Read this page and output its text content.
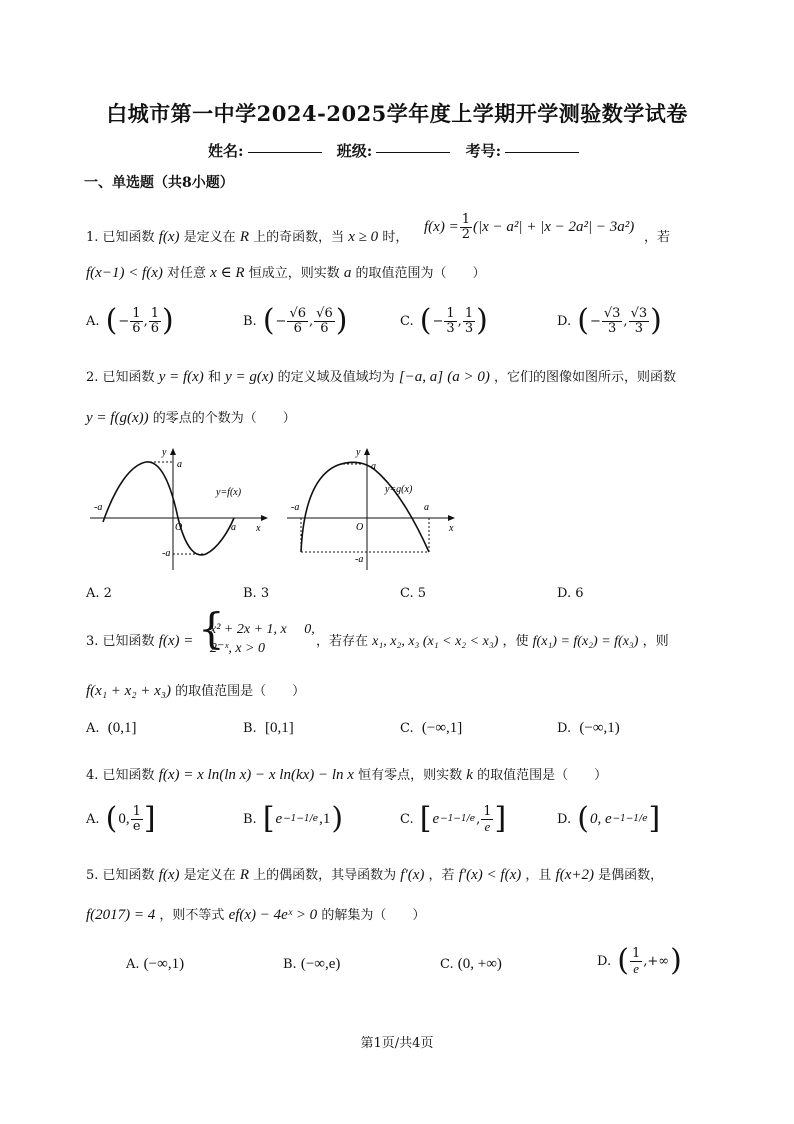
白城市第一中学2024-2025学年度上学期开学测验数学试卷
姓名:	班级:	考号:
一、单选题（共8小题）
1. 已知函数 f(x) 是定义在 R 上的奇函数，当 x ≥ 0 时，
$f(x) = \frac{1}{2} (|x - a^2| + |x - 2a^2| - 3a^2)$
，若
f(x−1) < f(x) 对任意 x ∈ R 恒成立，则实数 a 的取值范围为（　　）
A.
( − $\frac{1}{6}$ , $\frac{1}{6}$ )	B.
( − $\frac{√6}{6}$ , $\frac{√6}{6}$ )	C.
( − $\frac{1}{3}$ , $\frac{1}{3}$ )	D.
( − $\frac{√3}{3}$ , $\frac{√3}{3}$ )
2. 已知函数 y = f(x) 和 y = g(x) 的定义域及值域均为 [−a, a] (a > 0) ，它们的图像如图所示，则函数
y = f(g(x)) 的零点的个数为（　　）
y
a
-a
-a
a
O	x
y=f(x)
y
a
-a
-a
a
O	x
y=g(x)
A. 2	B. 3	C. 5	D. 6
3. 已知函数 f(x) = {
x² + 2x + 1, x 　0,
2⁻ˣ, x > 0	，若存在 x₁, x₂, x₃ (x₁ < x₂ < x₃) ，使 f(x₁) = f(x₂) = f(x₃) ，则
f(x₁ + x₂ + x₃) 的取值范围是（　　）
A. (0,1]	B. [0,1]	C. (−∞,1]	D. (−∞,1)
4. 已知函数 f(x) = x ln(ln x) − x ln(kx) − ln x 恒有零点，则实数 k 的取值范围是（　　）
A.
( 0, $\frac{1}{e}$ ]	B.
[ e −1−1/e ,1 )	C.
[ e −1−1/e , $\frac{1}{e}$ ]	D.
( 0, e −1−1/e ]
5. 已知函数 f(x) 是定义在 R 上的偶函数，其导函数为 f′(x) ，若 f′(x) < f(x) ，且 f(x+2) 是偶函数，
f(2017) = 4 ，则不等式 ef(x) − 4eˣ > 0 的解集为（　　）
A. (−∞,1)	B. (−∞,e)	C. (0, +∞)	D.
( $\frac{1}{e}$ ,+∞ )
第1页/共4页
